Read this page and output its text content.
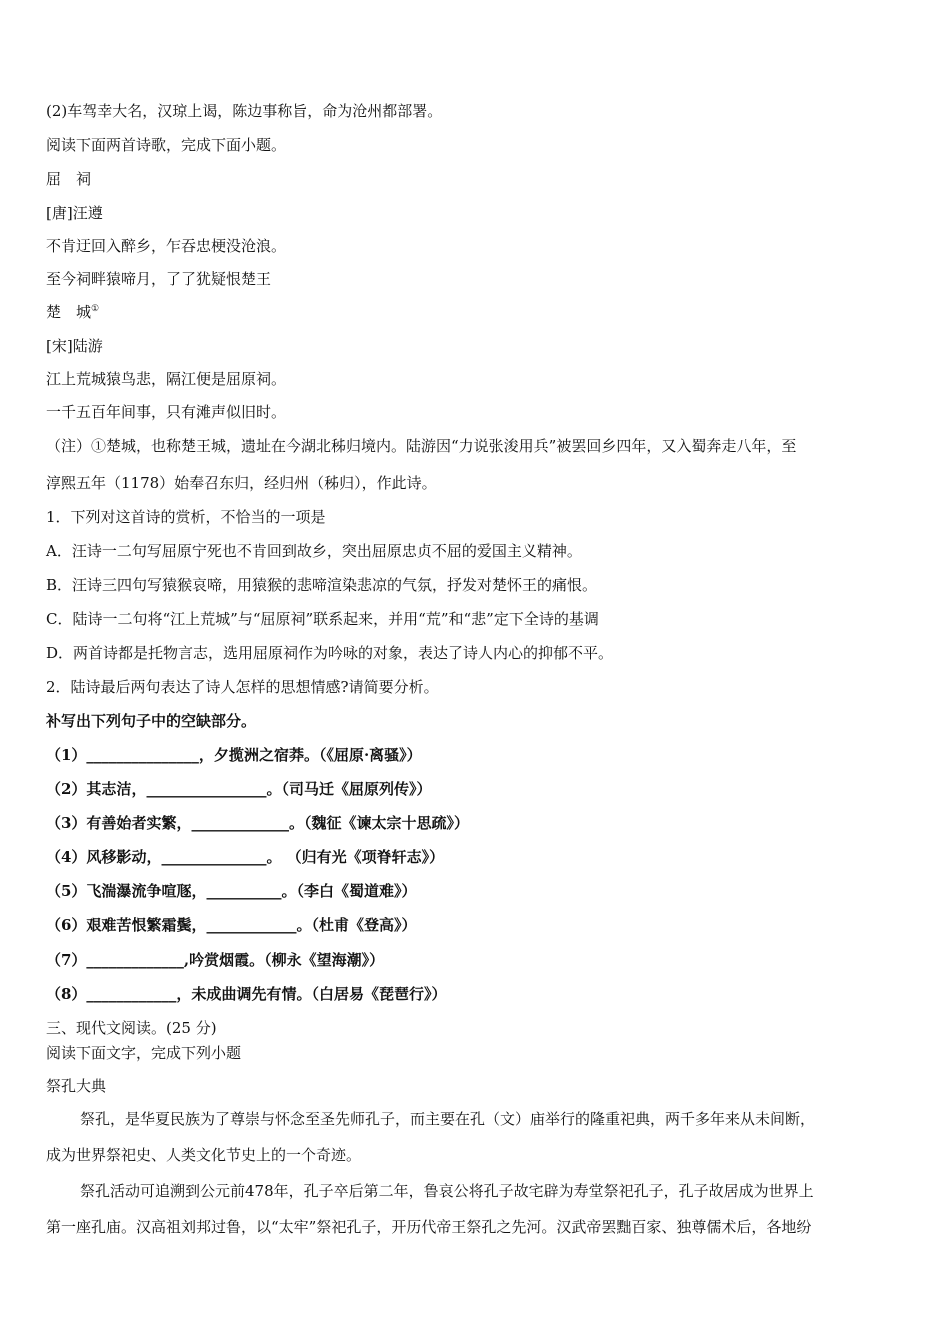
(2)车驾幸大名，汉琼上谒，陈边事称旨，命为沧州都部署。
阅读下面两首诗歌，完成下面小题。
屈　祠
[唐]汪遵
不肯迂回入醉乡，乍吞忠梗没沧浪。
至今祠畔猿啼月，了了犹疑恨楚王
楚　城①
[宋]陆游
江上荒城猿鸟悲，隔江便是屈原祠。
一千五百年间事，只有滩声似旧时。
（注）①楚城，也称楚王城，遗址在今湖北秭归境内。陆游因“力说张浚用兵”被罢回乡四年，又入蜀奔走八年，至
淳熙五年（1178）始奉召东归，经归州（秭归），作此诗。
1．下列对这首诗的赏析，不恰当的一项是
A．汪诗一二句写屈原宁死也不肯回到故乡，突出屈原忠贞不屈的爱国主义精神。
B．汪诗三四句写猿猴哀啼，用猿猴的悲啼渲染悲凉的气氛，抒发对楚怀王的痛恨。
C．陆诗一二句将“江上荒城”与“屈原祠”联系起来，并用“荒”和“悲”定下全诗的基调
D．两首诗都是托物言志，选用屈原祠作为吟咏的对象，表达了诗人内心的抑郁不平。
2．陆诗最后两句表达了诗人怎样的思想情感?请简要分析。
补写出下列句子中的空缺部分。
（1）_______________，夕揽洲之宿莽。（《屈原·离骚》）
（2）其志洁，________________。（司马迁《屈原列传》）
（3）有善始者实繁，_____________。（魏征《谏太宗十思疏》）
（4）风移影动，______________。 （归有光《项脊轩志》）
（5）飞湍瀑流争喧豗，__________。（李白《蜀道难》）
（6）艰难苦恨繁霜鬓，____________。（杜甫《登高》）
（7）_____________,吟赏烟霞。（柳永《望海潮》）
（8）____________，未成曲调先有情。（白居易《琵琶行》）
三、现代文阅读。(25 分)
阅读下面文字，完成下列小题
祭孔大典
祭孔，是华夏民族为了尊崇与怀念至圣先师孔子，而主要在孔（文）庙举行的隆重祀典，两千多年来从未间断，
成为世界祭祀史、人类文化节史上的一个奇迹。
祭孔活动可追溯到公元前478年，孔子卒后第二年，鲁哀公将孔子故宅辟为寿堂祭祀孔子，孔子故居成为世界上
第一座孔庙。汉高祖刘邦过鲁，以“太牢”祭祀孔子，开历代帝王祭孔之先河。汉武帝罢黜百家、独尊儒术后，各地纷
